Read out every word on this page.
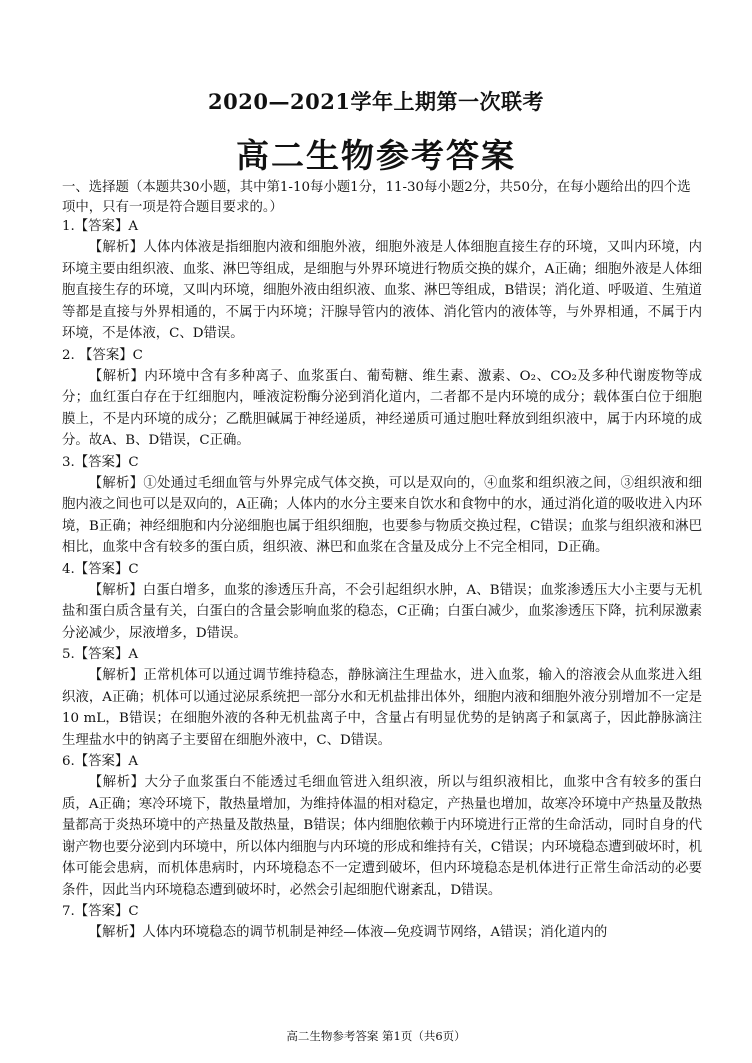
2020—2021学年上期第一次联考
高二生物参考答案
一、选择题（本题共30小题，其中第1-10每小题1分，11-30每小题2分，共50分，在每小题给出的四个选项中，只有一项是符合题目要求的。）

1.【答案】A

【解析】人体内体液是指细胞内液和细胞外液，细胞外液是人体细胞直接生存的环境，又叫内环境，内环境主要由组织液、血浆、淋巴等组成，是细胞与外界环境进行物质交换的媒介，A正确；细胞外液是人体细胞直接生存的环境，又叫内环境，细胞外液由组织液、血浆、淋巴等组成，B错误；消化道、呼吸道、生殖道等都是直接与外界相通的，不属于内环境；汗腺导管内的液体、消化管内的液体等，与外界相通，不属于内环境，不是体液，C、D错误。

2. 【答案】C

【解析】内环境中含有多种离子、血浆蛋白、葡萄糖、维生素、激素、O₂、CO₂及多种代谢废物等成分；血红蛋白存在于红细胞内，唾液淀粉酶分泌到消化道内，二者都不是内环境的成分；载体蛋白位于细胞膜上，不是内环境的成分；乙酰胆碱属于神经递质，神经递质可通过胞吐释放到组织液中，属于内环境的成分。故A、B、D错误，C正确。

3.【答案】C

【解析】①处通过毛细血管与外界完成气体交换，可以是双向的，④血浆和组织液之间，③组织液和细胞内液之间也可以是双向的，A正确；人体内的水分主要来自饮水和食物中的水，通过消化道的吸收进入内环境，B正确；神经细胞和内分泌细胞也属于组织细胞，也要参与物质交换过程，C错误；血浆与组织液和淋巴相比，血浆中含有较多的蛋白质，组织液、淋巴和血浆在含量及成分上不完全相同，D正确。

4.【答案】C

【解析】白蛋白增多，血浆的渗透压升高，不会引起组织水肿，A、B错误；血浆渗透压大小主要与无机盐和蛋白质含量有关，白蛋白的含量会影响血浆的稳态，C正确；白蛋白减少，血浆渗透压下降，抗利尿激素分泌减少，尿液增多，D错误。

5.【答案】A

【解析】正常机体可以通过调节维持稳态，静脉滴注生理盐水，进入血浆，输入的溶液会从血浆进入组织液，A正确；机体可以通过泌尿系统把一部分水和无机盐排出体外，细胞内液和细胞外液分别增加不一定是10 mL，B错误；在细胞外液的各种无机盐离子中，含量占有明显优势的是钠离子和氯离子，因此静脉滴注生理盐水中的钠离子主要留在细胞外液中，C、D错误。

6.【答案】A

【解析】大分子血浆蛋白不能透过毛细血管进入组织液，所以与组织液相比，血浆中含有较多的蛋白质，A正确；寒冷环境下，散热量增加，为维持体温的相对稳定，产热量也增加，故寒冷环境中产热量及散热量都高于炎热环境中的产热量及散热量，B错误；体内细胞依赖于内环境进行正常的生命活动，同时自身的代谢产物也要分泌到内环境中，所以体内细胞与内环境的形成和维持有关，C错误；内环境稳态遭到破坏时，机体可能会患病，而机体患病时，内环境稳态不一定遭到破坏，但内环境稳态是机体进行正常生命活动的必要条件，因此当内环境稳态遭到破坏时，必然会引起细胞代谢紊乱，D错误。

7.【答案】C

【解析】人体内环境稳态的调节机制是神经—体液—免疫调节网络，A错误；消化道内的

高二生物参考答案 第1页（共6页）
